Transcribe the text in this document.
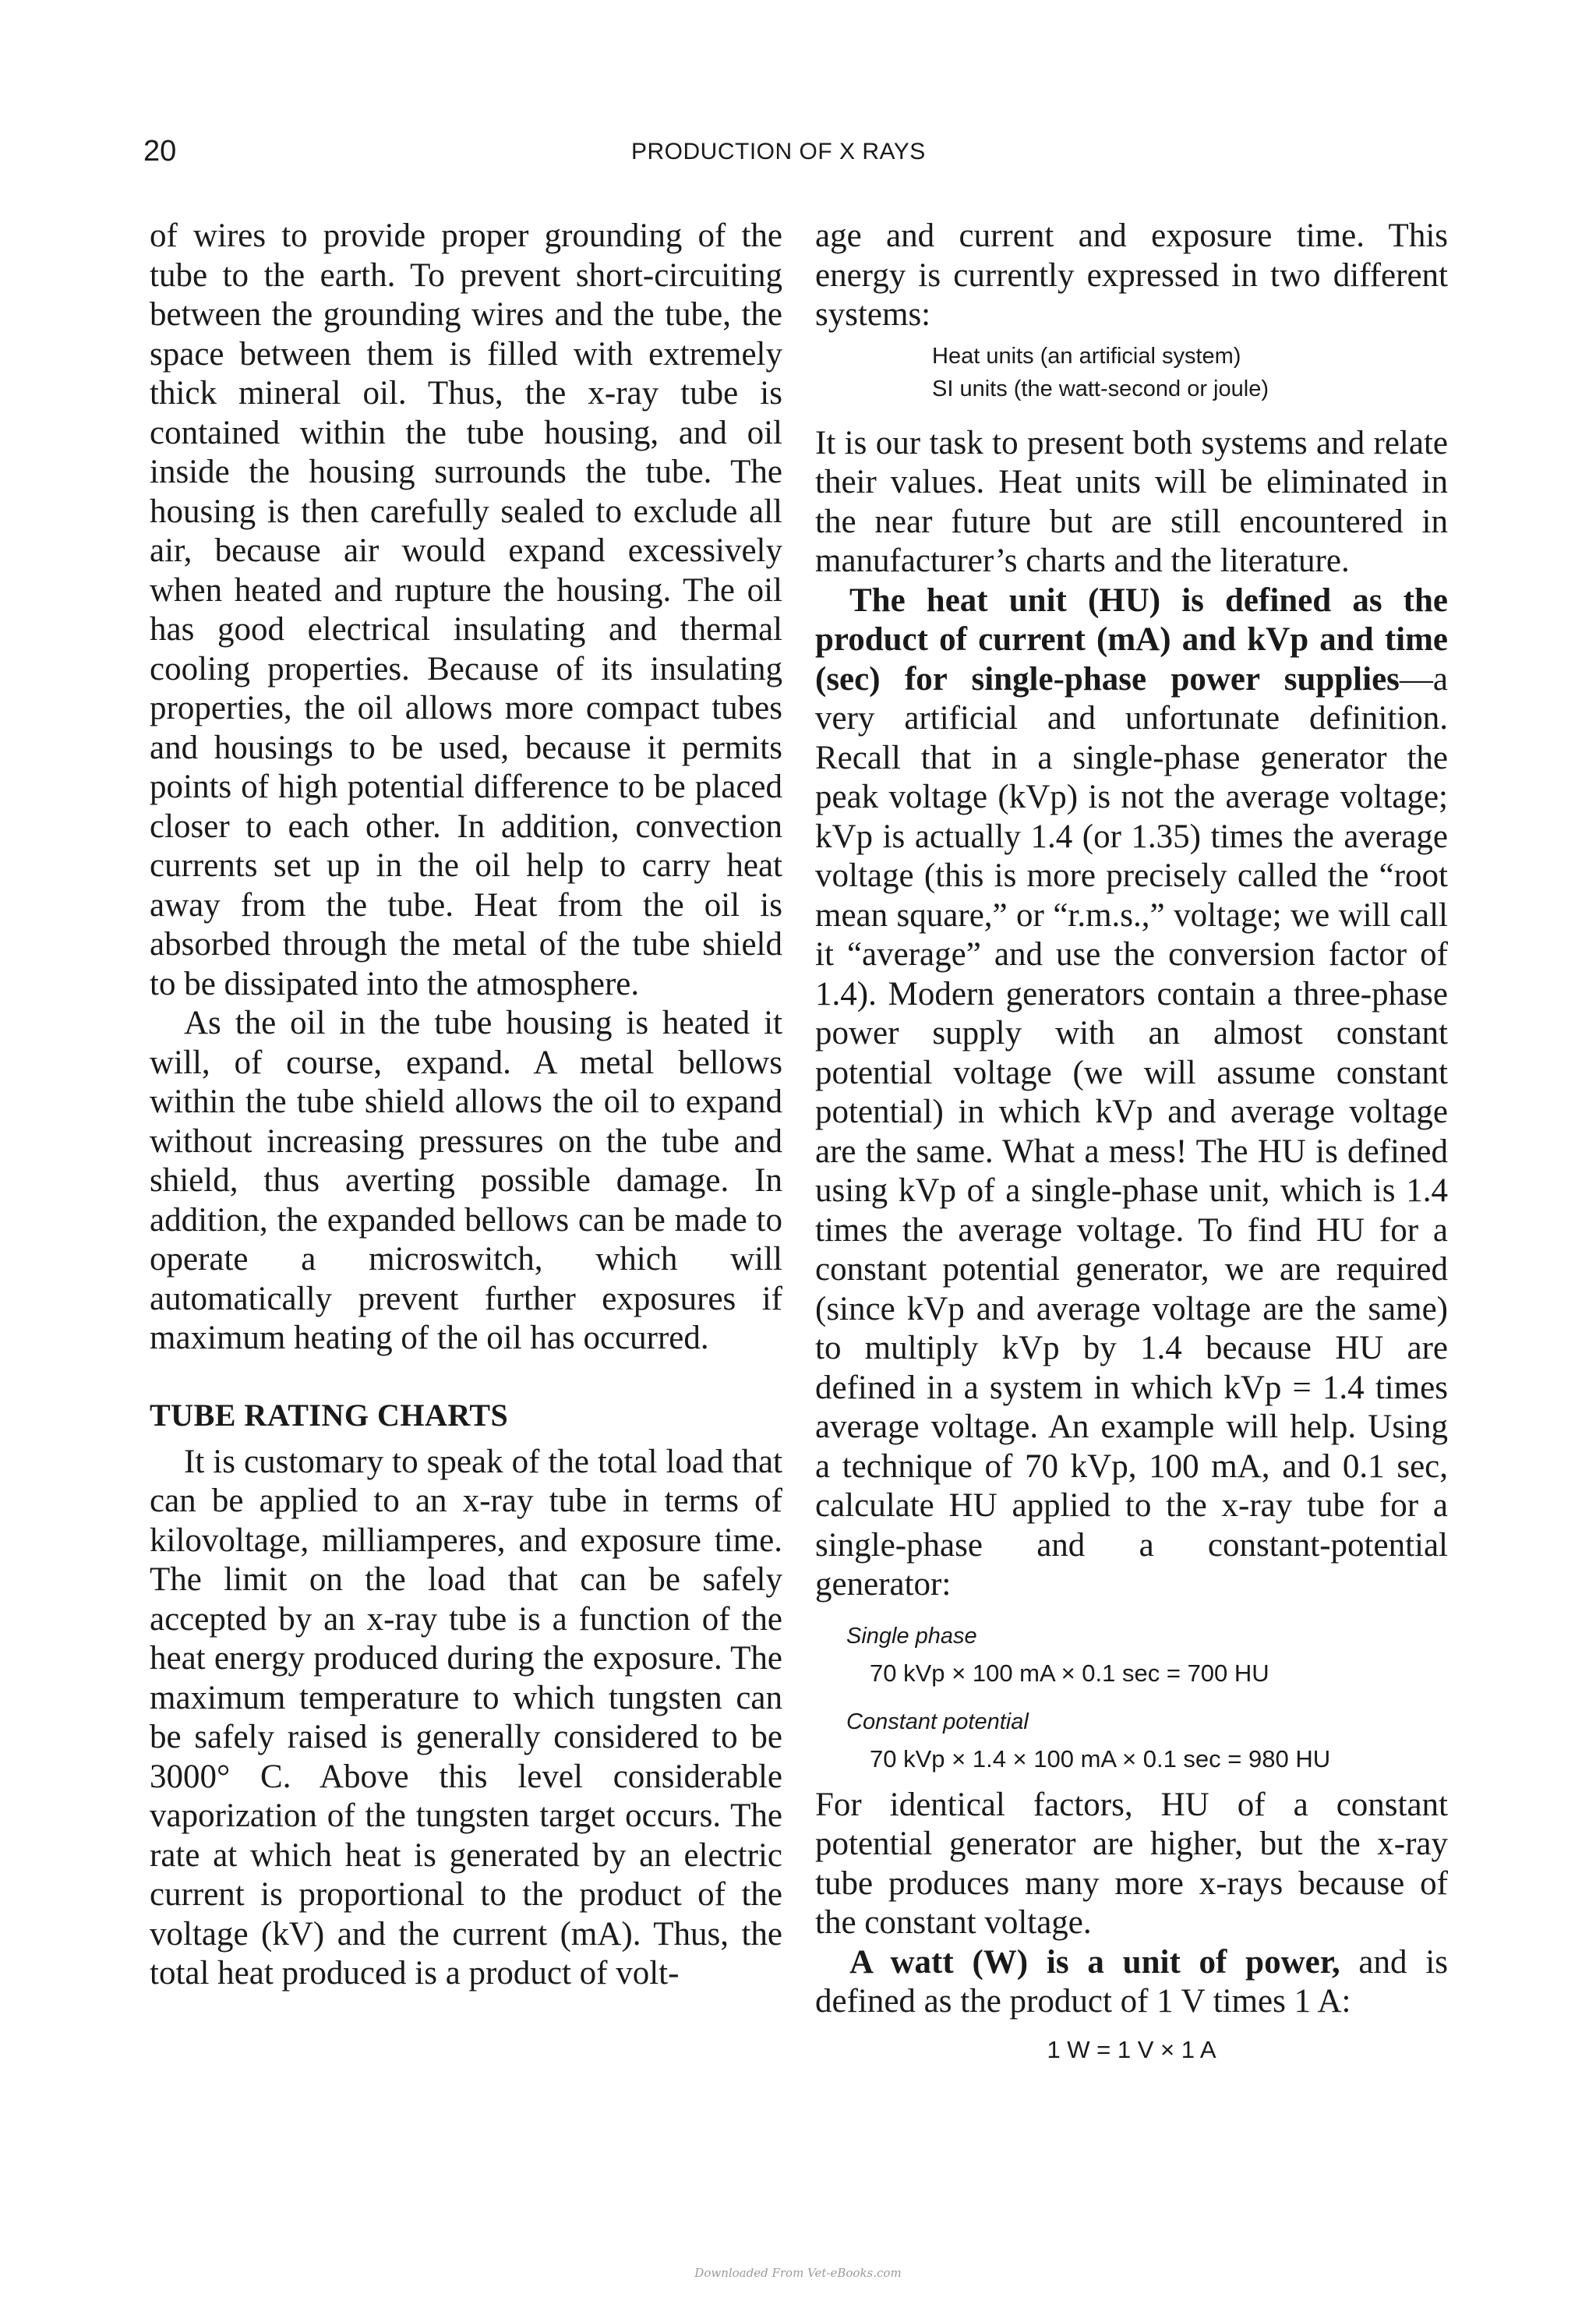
20	PRODUCTION OF X RAYS

of wires to provide proper grounding of the tube to the earth. To prevent short-circuiting between the grounding wires and the tube, the space between them is filled with extremely thick mineral oil. Thus, the x-ray tube is contained within the tube housing, and oil inside the housing surrounds the tube. The housing is then carefully sealed to exclude all air, because air would expand excessively when heated and rupture the housing. The oil has good electrical insulating and thermal cooling properties. Because of its insulating properties, the oil allows more compact tubes and housings to be used, because it permits points of high potential difference to be placed closer to each other. In addition, convection currents set up in the oil help to carry heat away from the tube. Heat from the oil is absorbed through the metal of the tube shield to be dissipated into the atmosphere.

As the oil in the tube housing is heated it will, of course, expand. A metal bellows within the tube shield allows the oil to expand without increasing pressures on the tube and shield, thus averting possible damage. In addition, the expanded bellows can be made to operate a microswitch, which will automatically prevent further exposures if maximum heating of the oil has occurred.

TUBE RATING CHARTS

It is customary to speak of the total load that can be applied to an x-ray tube in terms of kilovoltage, milliamperes, and exposure time. The limit on the load that can be safely accepted by an x-ray tube is a function of the heat energy produced during the exposure. The maximum temperature to which tungsten can be safely raised is generally considered to be 3000° C. Above this level considerable vaporization of the tungsten target occurs. The rate at which heat is generated by an electric current is proportional to the product of the voltage (kV) and the current (mA). Thus, the total heat produced is a product of volt-

age and current and exposure time. This energy is currently expressed in two different systems:

Heat units (an artificial system)
SI units (the watt-second or joule)

It is our task to present both systems and relate their values. Heat units will be eliminated in the near future but are still encountered in manufacturer’s charts and the literature.

The heat unit (HU) is defined as the product of current (mA) and kVp and time (sec) for single-phase power supplies—a very artificial and unfortunate definition. Recall that in a single-phase generator the peak voltage (kVp) is not the average voltage; kVp is actually 1.4 (or 1.35) times the average voltage (this is more precisely called the “root mean square,” or “r.m.s.,” voltage; we will call it “average” and use the conversion factor of 1.4). Modern generators contain a three-phase power supply with an almost constant potential voltage (we will assume constant potential) in which kVp and average voltage are the same. What a mess! The HU is defined using kVp of a single-phase unit, which is 1.4 times the average voltage. To find HU for a constant potential generator, we are required (since kVp and average voltage are the same) to multiply kVp by 1.4 because HU are defined in a system in which kVp = 1.4 times average voltage. An example will help. Using a technique of 70 kVp, 100 mA, and 0.1 sec, calculate HU applied to the x-ray tube for a single-phase and a constant-potential generator:

Single phase
70 kVp × 100 mA × 0.1 sec = 700 HU
Constant potential
70 kVp × 1.4 × 100 mA × 0.1 sec = 980 HU

For identical factors, HU of a constant potential generator are higher, but the x-ray tube produces many more x-rays because of the constant voltage.

A watt (W) is a unit of power, and is defined as the product of 1 V times 1 A:

1 W = 1 V × 1 A
Downloaded From Vet-eBooks.com
